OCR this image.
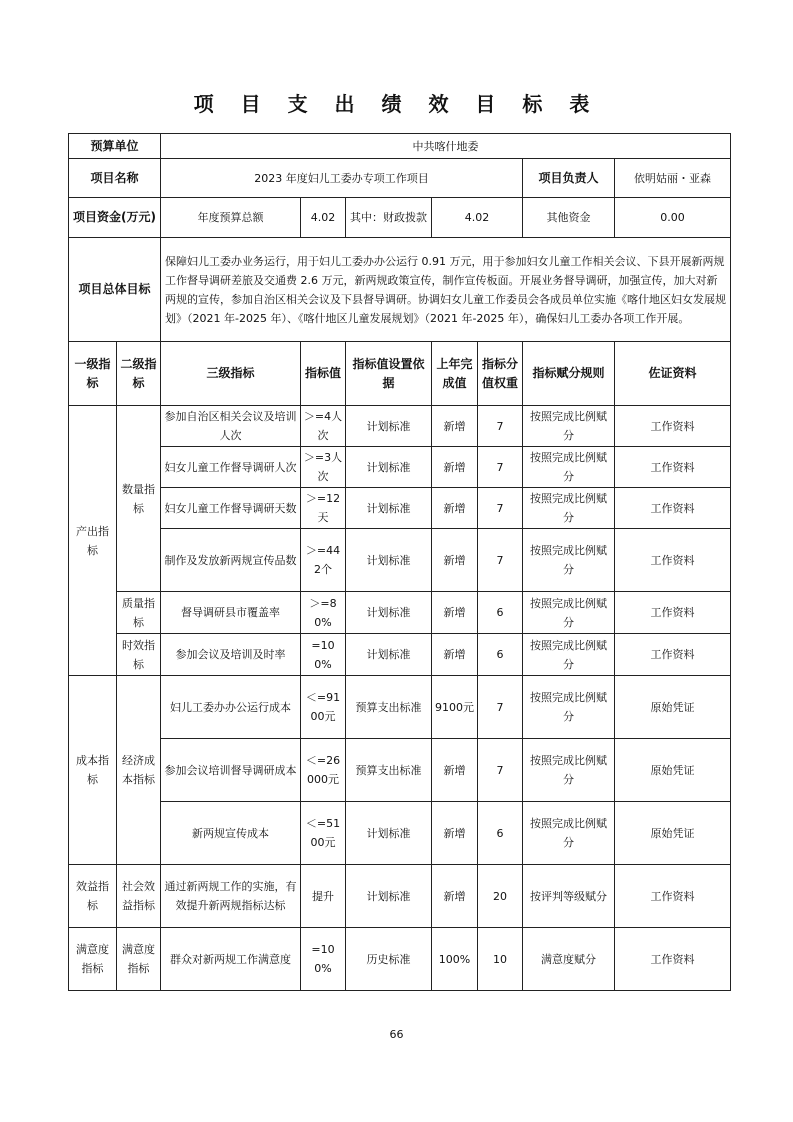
项 目 支 出 绩 效 目 标 表
预算单位		中共喀什地委						
项目名称		2023 年度妇儿工委办专项工作项目					项目负责人	依明姑丽・亚森
项目资金(万元)		年度预算总额	4.02	其中：财政拨款	4.02		其他资金	0.00
项目总体目标		保障妇儿工委办业务运行，用于妇儿工委办办公运行 0.91 万元，用于参加妇女儿童工作相关会议、下县开展新两规工作督导调研差旅及交通费 2.6 万元，新两规政策宣传，制作宣传板面。开展业务督导调研，加强宣传，加大对新两规的宣传，参加自治区相关会议及下县督导调研。协调妇女儿童工作委员会各成员单位实施《喀什地区妇女发展规划》（2021 年-2025 年）、《喀什地区儿童发展规划》（2021 年-2025 年），确保妇儿工委办各项工作开展。						
一级指标	二级指标	三级指标	指标值	指标值设置依据	上年完成值	指标分值权重	指标赋分规则	佐证资料
产出指标	数量指标	参加自治区相关会议及培训人次	＞=4人次	计划标准	新增	7	按照完成比例赋分	工作资料
		妇女儿童工作督导调研人次	＞=3人次	计划标准	新增	7	按照完成比例赋分	工作资料
		妇女儿童工作督导调研天数	＞=12天	计划标准	新增	7	按照完成比例赋分	工作资料
		制作及发放新两规宣传品数	＞=442个	计划标准	新增	7	按照完成比例赋分	工作资料
	质量指标	督导调研县市覆盖率	＞=80%	计划标准	新增	6	按照完成比例赋分	工作资料
	时效指标	参加会议及培训及时率	=100%	计划标准	新增	6	按照完成比例赋分	工作资料
成本指标	经济成本指标	妇儿工委办办公运行成本	＜=9100元	预算支出标准	9100元	7	按照完成比例赋分	原始凭证
		参加会议培训督导调研成本	＜=26000元	预算支出标准	新增	7	按照完成比例赋分	原始凭证
		新两规宣传成本	＜=5100元	计划标准	新增	6	按照完成比例赋分	原始凭证
效益指标	社会效益指标	通过新两规工作的实施，有效提升新两规指标达标	提升	计划标准	新增	20	按评判等级赋分	工作资料
满意度指标	满意度指标	群众对新两规工作满意度	=100%	历史标准	100%	10	满意度赋分	工作资料
66
